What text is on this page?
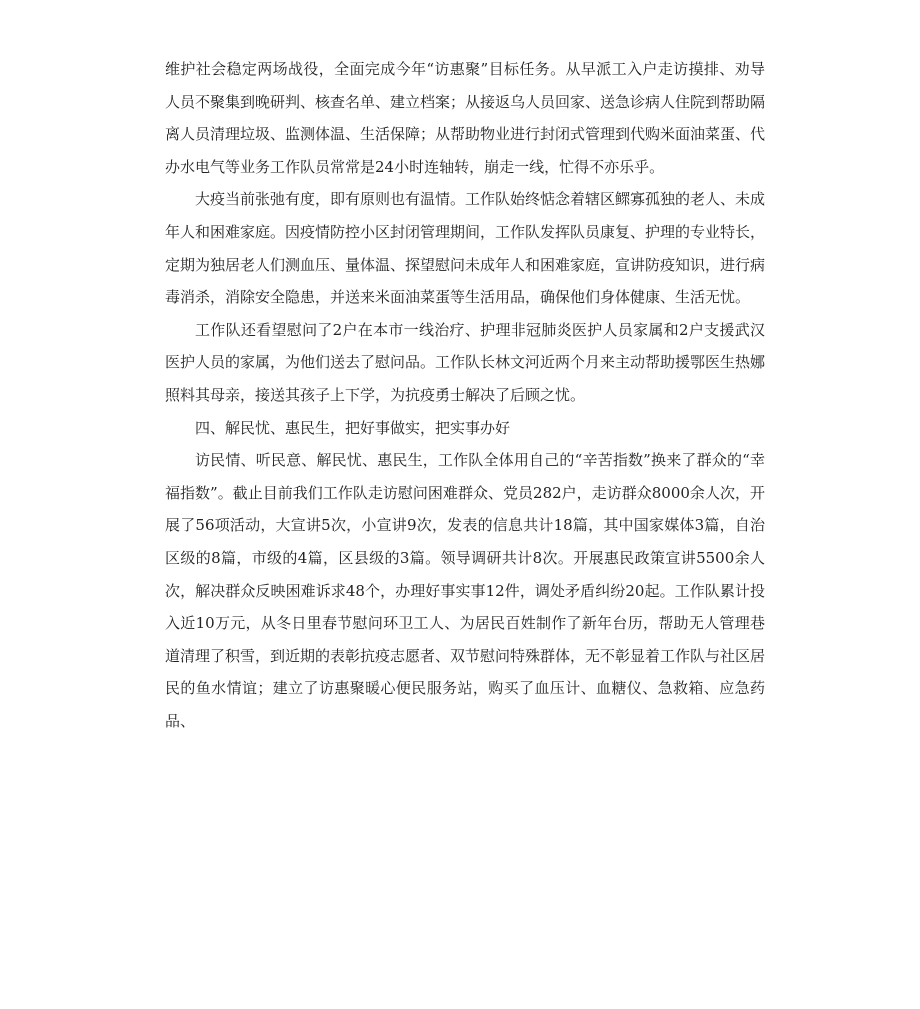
维护社会稳定两场战役，全面完成今年“访惠聚”目标任务。从早派工入户走访摸排、劝导人员不聚集到晚研判、核查名单、建立档案；从接返乌人员回家、送急诊病人住院到帮助隔离人员清理垃圾、监测体温、生活保障；从帮助物业进行封闭式管理到代购米面油菜蛋、代办水电气等业务工作队员常常是24小时连轴转，崩走一线，忙得不亦乐乎。

大疫当前张弛有度，即有原则也有温情。工作队始终惦念着辖区鳏寡孤独的老人、未成年人和困难家庭。因疫情防控小区封闭管理期间，工作队发挥队员康复、护理的专业特长，定期为独居老人们测血压、量体温、探望慰问未成年人和困难家庭，宣讲防疫知识，进行病毒消杀，消除安全隐患，并送来米面油菜蛋等生活用品，确保他们身体健康、生活无忧。

工作队还看望慰问了2户在本市一线治疗、护理非冠肺炎医护人员家属和2户支援武汉医护人员的家属，为他们送去了慰问品。工作队长林文河近两个月来主动帮助援鄂医生热娜照料其母亲，接送其孩子上下学，为抗疫勇士解决了后顾之忧。

四、解民忧、惠民生，把好事做实，把实事办好

访民情、听民意、解民忧、惠民生，工作队全体用自己的“辛苦指数”换来了群众的“幸福指数”。截止目前我们工作队走访慰问困难群众、党员282户，走访群众8000余人次，开展了56项活动，大宣讲5次，小宣讲9次，发表的信息共计18篇，其中国家媒体3篇，自治区级的8篇，市级的4篇，区县级的3篇。领导调研共计8次。开展惠民政策宣讲5500余人次，解决群众反映困难诉求48个，办理好事实事12件，调处矛盾纠纷20起。工作队累计投入近10万元，从冬日里春节慰问环卫工人、为居民百姓制作了新年台历，帮助无人管理巷道清理了积雪，到近期的表彰抗疫志愿者、双节慰问特殊群体，无不彰显着工作队与社区居民的鱼水情谊；建立了访惠聚暖心便民服务站，购买了血压计、血糖仪、急救箱、应急药品、
